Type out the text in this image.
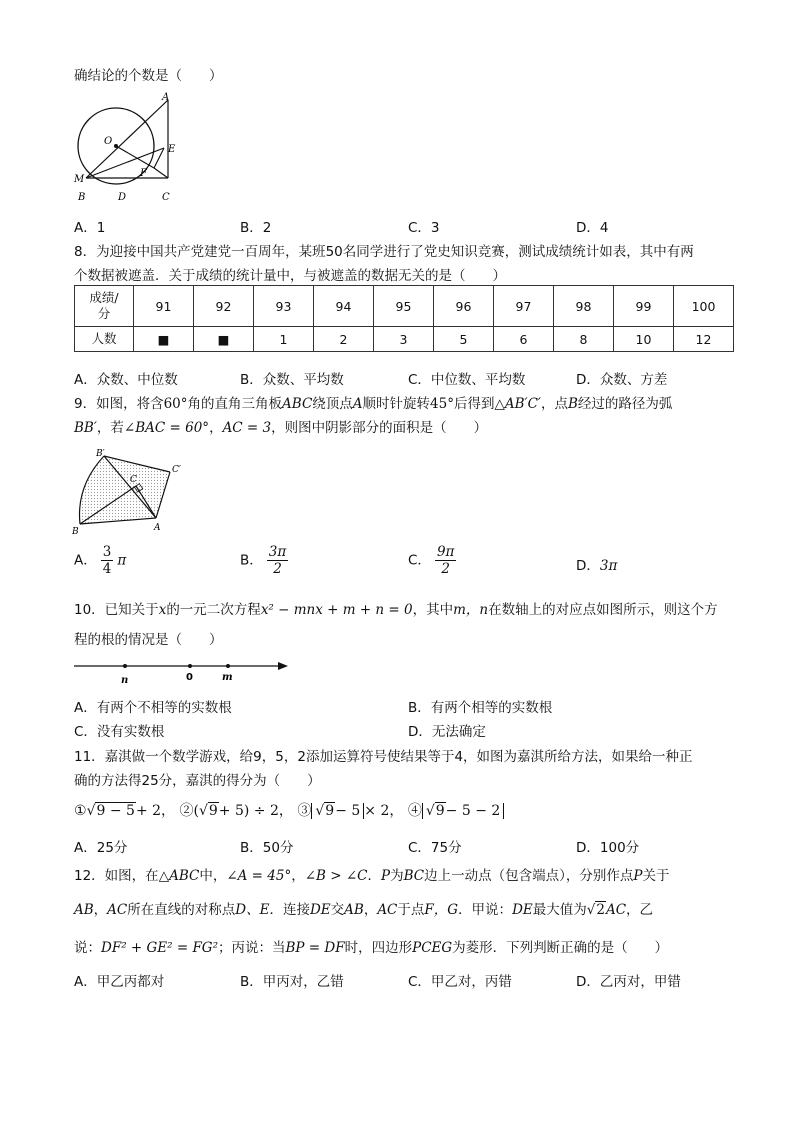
确结论的个数是（　　）
A
O
E
M
F
B	D	C
A．1	B．2	C．3	D．4
8．为迎接中国共产党建党一百周年，某班50名同学进行了党史知识竞赛，测试成绩统计如表，其中有两
个数据被遮盖．关于成绩的统计量中，与被遮盖的数据无关的是（　　）
成绩/
分	91	92	93	94	95	96	97	98	99	100
人数	■	■	1	2	3	5	6	8	10	12
A．众数、中位数	B．众数、平均数	C．中位数、平均数	D．众数、方差
9．如图，将含60°角的直角三角板ABC绕顶点A顺时针旋转45°后得到△AB′C′，点B经过的路径为弧
BB′，若∠BAC = 60°，AC = 3，则图中阴影部分的面积是（　　）
B′
C′
C
B	A
A． $\frac{3}{4}$ π	B． $\frac{3\pi}{2}$	C． $\frac{9\pi}{2}$	D．3π
10．已知关于x的一元二次方程x² − mnx + m + n = 0，其中m，n在数轴上的对应点如图所示，则这个方
程的根的情况是（　　）
n	0	m
A．有两个不相等的实数根	B．有两个相等的实数根
C．没有实数根	D．无法确定
11．嘉淇做一个数学游戏，给9，5，2添加运算符号使结果等于4，如图为嘉淇所给方法，如果给一种正
确的方法得25分，嘉淇的得分为（　　）
①√9 − 5+ 2， ②(√9+ 5) ÷ 2， ③ √9− 5 × 2， ④ √9− 5 − 2
A．25分	B．50分	C．75分	D．100分
12．如图，在△ABC中，∠A = 45°，∠B > ∠C．P为BC边上一动点（包含端点），分别作点P关于
AB，AC所在直线的对称点D、E．连接DE交AB，AC于点F，G．甲说：DE最大值为√2AC，乙
说：DF² + GE² = FG²；丙说：当BP = DF时，四边形PCEG为菱形．下列判断正确的是（　　）
A．甲乙丙都对	B．甲丙对，乙错	C．甲乙对，丙错	D．乙丙对，甲错
